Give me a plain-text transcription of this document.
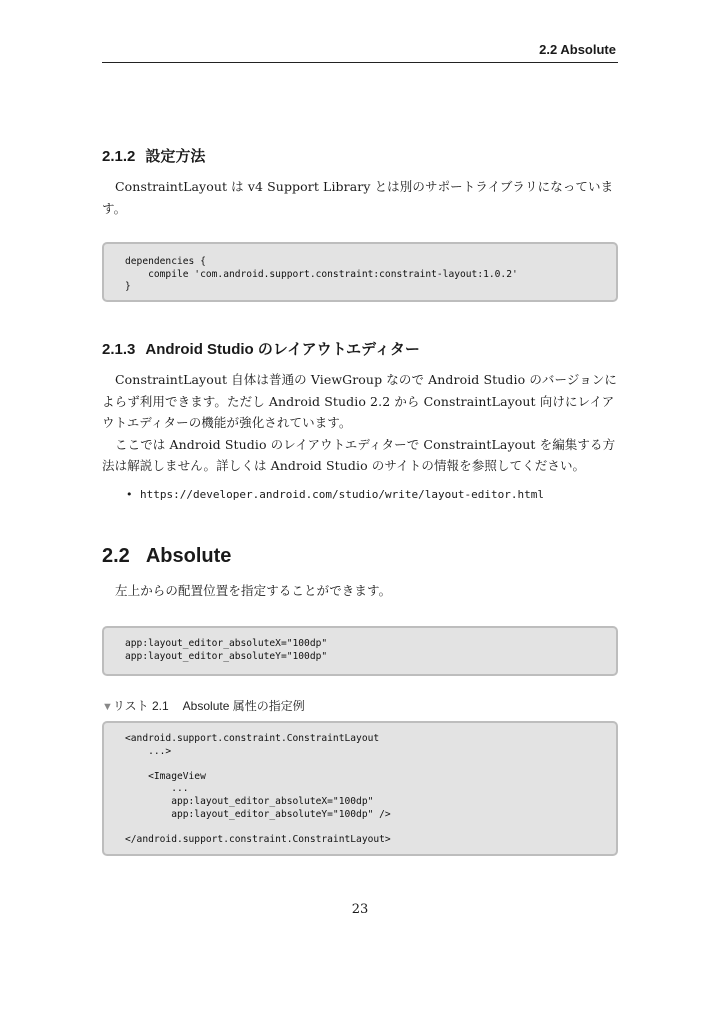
2.2 Absolute
2.1.2 設定方法

ConstraintLayout は v4 Support Library とは別のサポートライブラリになっています。

dependencies {
compile 'com.android.support.constraint:constraint-layout:1.0.2'
}
2.1.3 Android Studio のレイアウトエディター

ConstraintLayout 自体は普通の ViewGroup なので Android Studio のバージョンによらず利用できます。ただし Android Studio 2.2 から ConstraintLayout 向けにレイアウトエディターの機能が強化されています。

ここでは Android Studio のレイアウトエディターで ConstraintLayout を編集する方法は解説しません。詳しくは Android Studio のサイトの情報を参照してください。

• https://developer.android.com/studio/write/layout-editor.html
2.2 Absolute

左上からの配置位置を指定することができます。

app:layout_editor_absoluteX="100dp"
app:layout_editor_absoluteY="100dp"
▼リスト 2.1 Absolute 属性の指定例
<android.support.constraint.ConstraintLayout
...>

<ImageView
...
app:layout_editor_absoluteX="100dp"
app:layout_editor_absoluteY="100dp" />

</android.support.constraint.ConstraintLayout>
23
